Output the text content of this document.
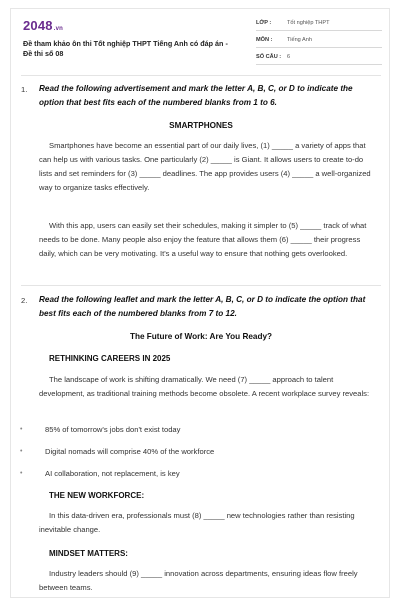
2048.vn
Đề tham khảo ôn thi Tốt nghiệp THPT Tiếng Anh có đáp án - Đề thi số 08
LỚP :	Tốt nghiệp THPT
MÔN :	Tiếng Anh
SỐ CÂU : 6
1. Read the following advertisement and mark the letter A, B, C, or D to indicate the option that best fits each of the numbered blanks from 1 to 6.
SMARTPHONES
Smartphones have become an essential part of our daily lives, (1) _____ a variety of apps that can help us with various tasks. One particularly (2) _____ is Giant. It allows users to create to-do lists and set reminders for (3) _____ deadlines. The app provides users (4) _____ a well-organized way to organize tasks effectively.
With this app, users can easily set their schedules, making it simpler to (5) _____ track of what needs to be done. Many people also enjoy the feature that allows them (6) _____ their progress daily, which can be very motivating. It's a useful way to ensure that nothing gets overlooked.
2. Read the following leaflet and mark the letter A, B, C, or D to indicate the option that best fits each of the numbered blanks from 7 to 12.
The Future of Work: Are You Ready?
RETHINKING CAREERS IN 2025
The landscape of work is shifting dramatically. We need (7) _____ approach to talent development, as traditional training methods become obsolete. A recent workplace survey reveals:
•	85% of tomorrow's jobs don't exist today
•	Digital nomads will comprise 40% of the workforce
•	AI collaboration, not replacement, is key
THE NEW WORKFORCE:
In this data-driven era, professionals must (8) _____ new technologies rather than resisting inevitable change.
MINDSET MATTERS:
Industry leaders should (9) _____ innovation across departments, ensuring ideas flow freely between teams.
